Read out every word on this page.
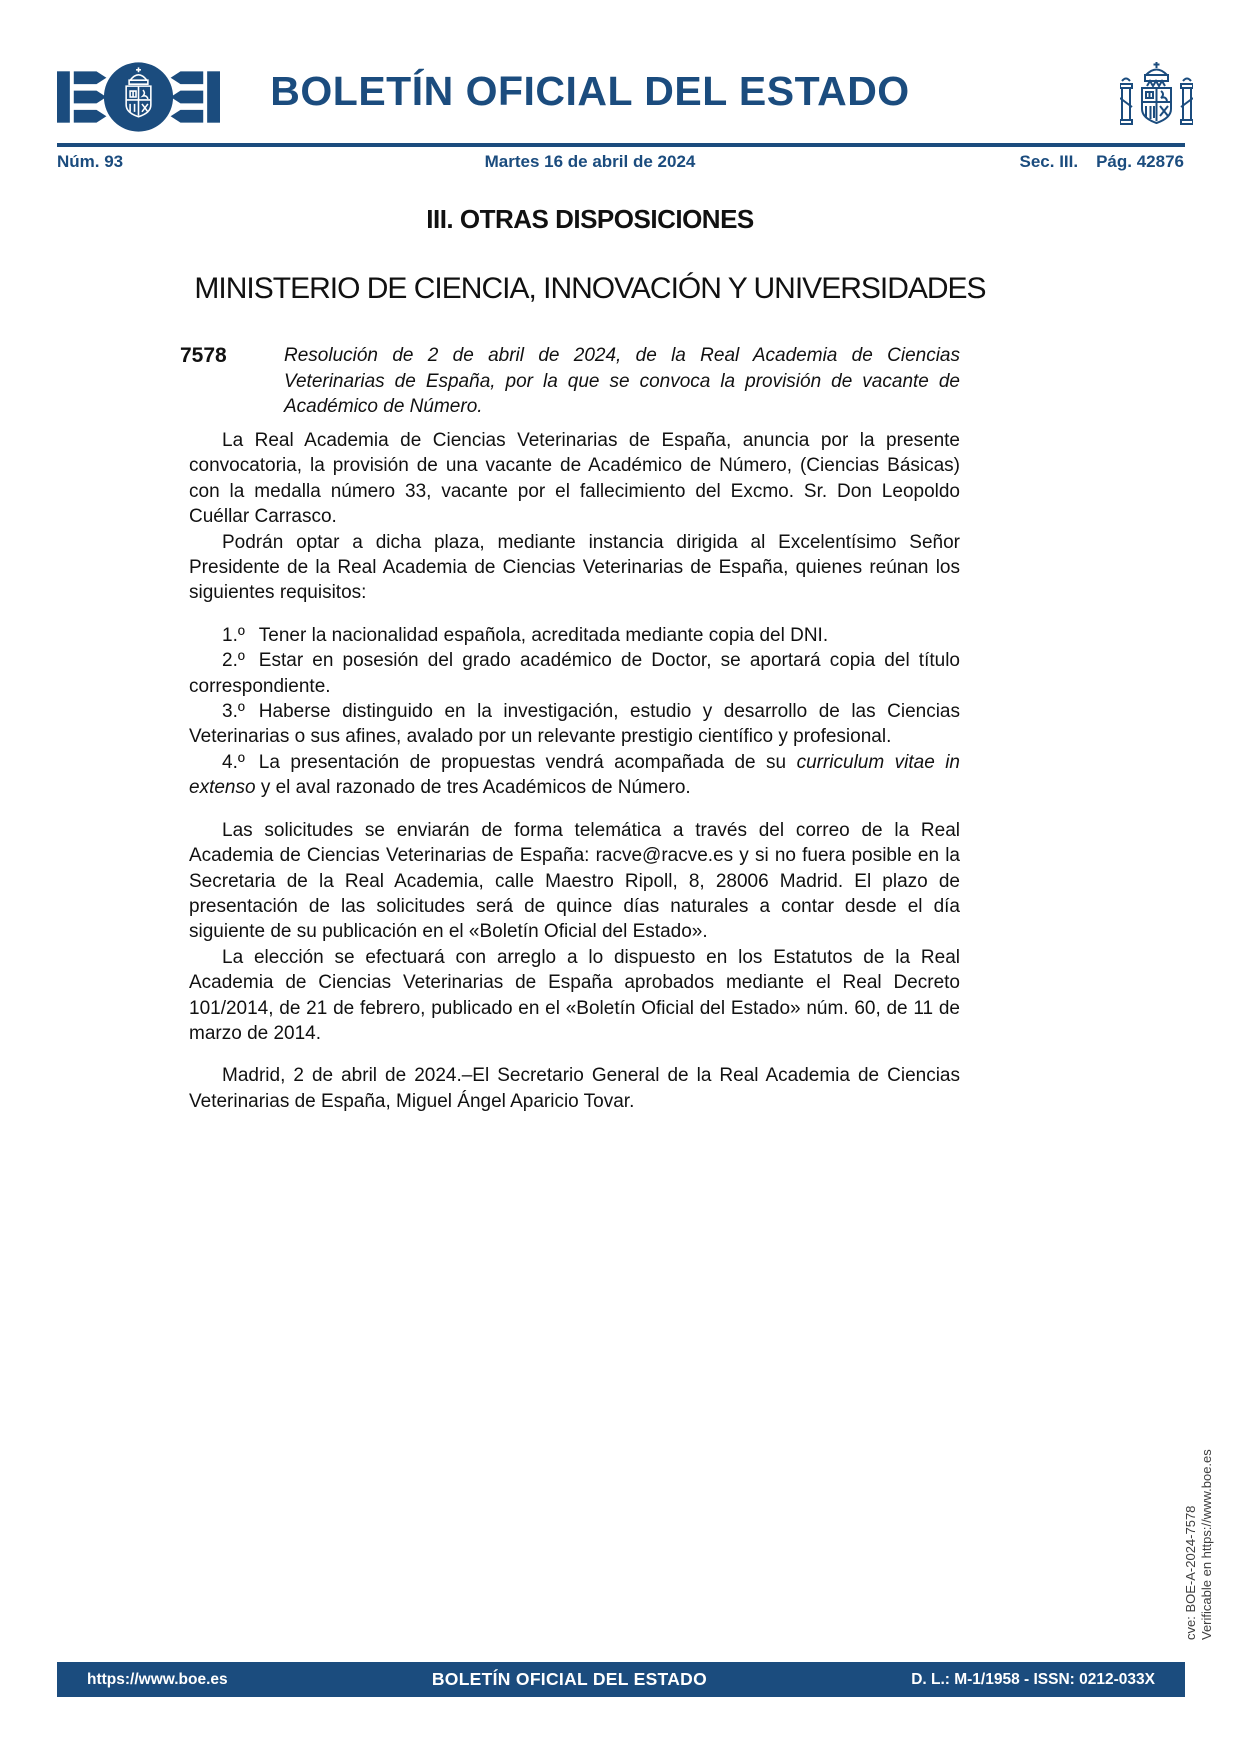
BOLETÍN OFICIAL DEL ESTADO
Núm. 93	Martes 16 de abril de 2024	Sec. III. Pág. 42876
III. OTRAS DISPOSICIONES
MINISTERIO DE CIENCIA, INNOVACIÓN Y UNIVERSIDADES
7578	Resolución de 2 de abril de 2024, de la Real Academia de Ciencias
Veterinarias de España, por la que se convoca la provisión de vacante de
Académico de Número.

La Real Academia de Ciencias Veterinarias de España, anuncia por la presente convocatoria, la provisión de una vacante de Académico de Número, (Ciencias Básicas) con la medalla número 33, vacante por el fallecimiento del Excmo. Sr. Don Leopoldo Cuéllar Carrasco.

Podrán optar a dicha plaza, mediante instancia dirigida al Excelentísimo Señor Presidente de la Real Academia de Ciencias Veterinarias de España, quienes reúnan los siguientes requisitos:

1.º Tener la nacionalidad española, acreditada mediante copia del DNI.

2.º Estar en posesión del grado académico de Doctor, se aportará copia del título correspondiente.

3.º Haberse distinguido en la investigación, estudio y desarrollo de las Ciencias Veterinarias o sus afines, avalado por un relevante prestigio científico y profesional.

4.º La presentación de propuestas vendrá acompañada de su curriculum vitae in extenso y el aval razonado de tres Académicos de Número.

Las solicitudes se enviarán de forma telemática a través del correo de la Real Academia de Ciencias Veterinarias de España: racve@racve.es y si no fuera posible en la Secretaria de la Real Academia, calle Maestro Ripoll, 8, 28006 Madrid. El plazo de presentación de las solicitudes será de quince días naturales a contar desde el día siguiente de su publicación en el «Boletín Oficial del Estado».

La elección se efectuará con arreglo a lo dispuesto en los Estatutos de la Real Academia de Ciencias Veterinarias de España aprobados mediante el Real Decreto 101/2014, de 21 de febrero, publicado en el «Boletín Oficial del Estado» núm. 60, de 11 de marzo de 2014.

Madrid, 2 de abril de 2024.–El Secretario General de la Real Academia de Ciencias Veterinarias de España, Miguel Ángel Aparicio Tovar.

cve: BOE-A-2024-7578 Verificable en https://www.boe.es
https://www.boe.es	BOLETÍN OFICIAL DEL ESTADO	D. L.: M-1/1958 - ISSN: 0212-033X
